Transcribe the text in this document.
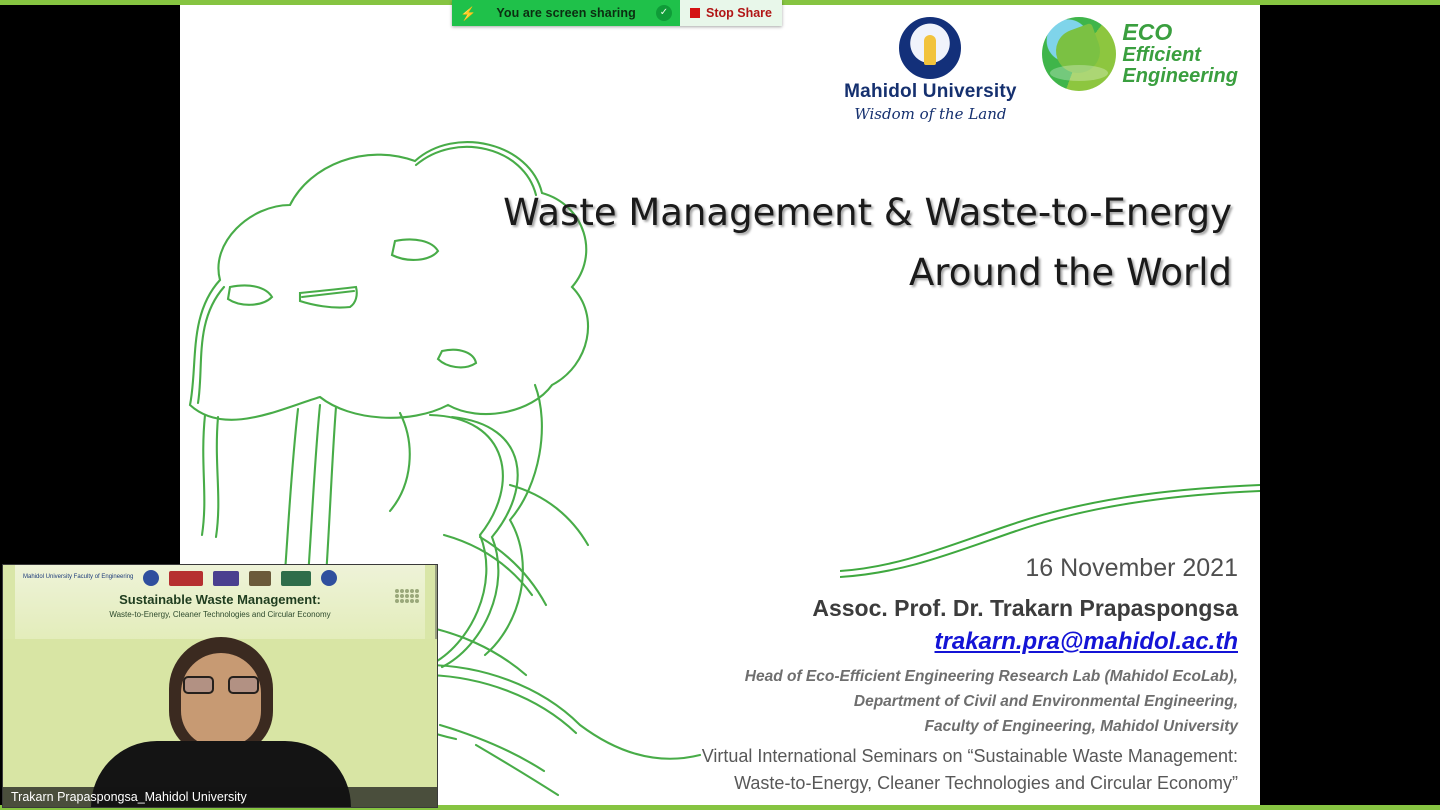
Mahidol University
Wisdom of the Land
ECO
Efficient
Engineering
Waste Management & Waste-to-Energy
Around the World
16 November 2021
Assoc. Prof. Dr. Trakarn Prapaspongsa
trakarn.pra@mahidol.ac.th
Head of Eco-Efficient Engineering Research Lab (Mahidol EcoLab),
Department of Civil and Environmental Engineering,
Faculty of Engineering, Mahidol University
Virtual International Seminars on “Sustainable Waste Management:
Waste-to-Energy, Cleaner Technologies and Circular Economy”
⚡	You are screen sharing	✓	Stop Share
Mahidol University Faculty of Engineering
Sustainable Waste Management:
Waste-to-Energy, Cleaner Technologies and Circular Economy
Trakarn Prapaspongsa_Mahidol University
